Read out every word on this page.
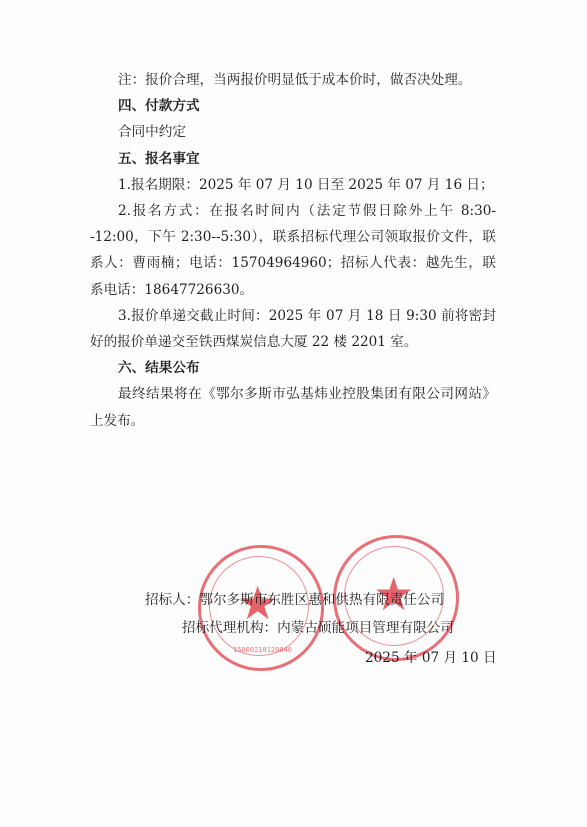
注：报价合理，当两报价明显低于成本价时，做否决处理。

四、付款方式

合同中约定

五、报名事宜

1.报名期限：2025 年 07 月 10 日至 2025 年 07 月 16 日；

2.报名方式：在报名时间内（法定节假日除外上午 8:30--12:00，下午 2:30--5:30），联系招标代理公司领取报价文件，联系人：曹雨楠；电话：15704964960；招标人代表：越先生，联系电话：18647726630。

3.报价单递交截止时间：2025 年 07 月 18 日 9:30 前将密封好的报价单递交至铁西煤炭信息大厦 22 楼 2201 室。

六、结果公布

最终结果将在《鄂尔多斯市弘基炜业控股集团有限公司网站》上发布。

★
15060210120840
★
招标人：鄂尔多斯市东胜区惠和供热有限责任公司
招标代理机构：内蒙古硕能项目管理有限公司
2025 年 07 月 10 日
